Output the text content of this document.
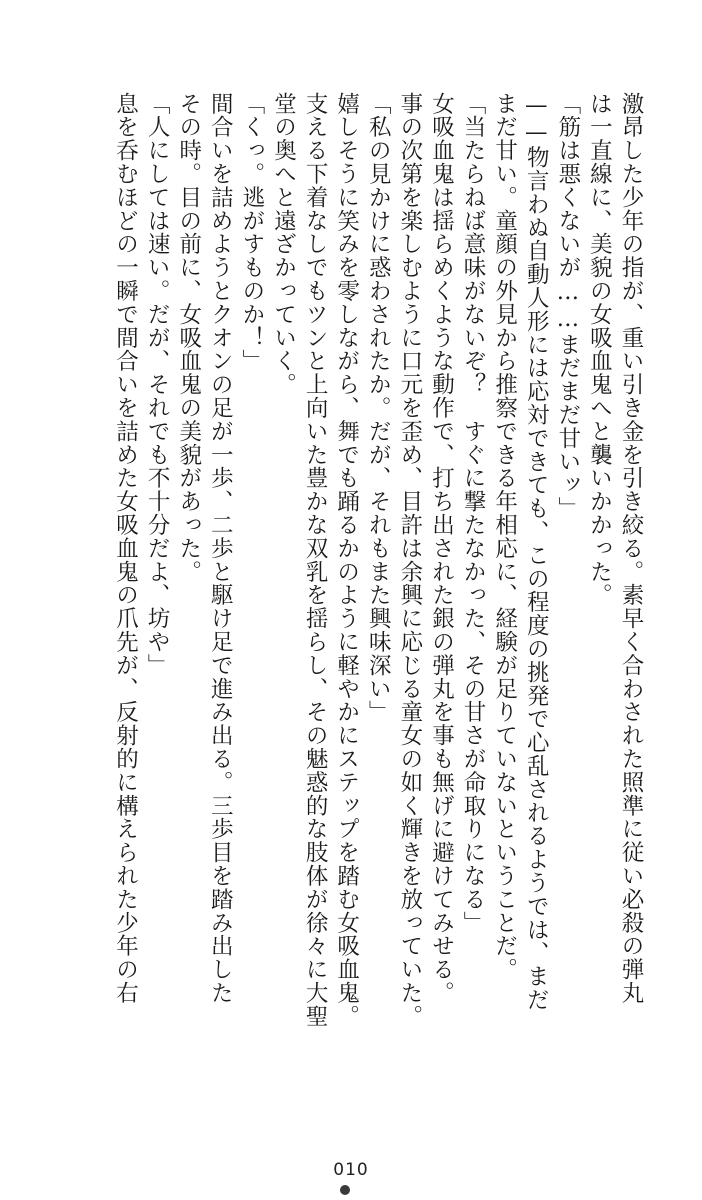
激昂した少年の指が、重い引き金を引き絞る。素早く合わされた照準に従い必殺の弾丸
は一直線に、美貌の女吸血鬼へと襲いかかった。
「筋は悪くないが……まだまだ甘いッ」
——物言わぬ自動人形には応対できても、この程度の挑発で心乱されるようでは、まだ
まだ甘い。童顔の外見から推察できる年相応に、経験が足りていないということだ。
「当たらねば意味がないぞ？　すぐに撃たなかった、その甘さが命取りになる」
女吸血鬼は揺らめくような動作で、打ち出された銀の弾丸を事も無げに避けてみせる。
事の次第を楽しむように口元を歪め、目許は余興に応じる童女の如く輝きを放っていた。
「私の見かけに惑わされたか。だが、それもまた興味深い」
嬉しそうに笑みを零しながら、舞でも踊るかのように軽やかにステップを踏む女吸血鬼。
支える下着なしでもツンと上向いた豊かな双乳を揺らし、その魅惑的な肢体が徐々に大聖
堂の奥へと遠ざかっていく。
「くっ。逃がすものか！」
間合いを詰めようとクオンの足が一歩、二歩と駆け足で進み出る。三歩目を踏み出した
その時。目の前に、女吸血鬼の美貌があった。
「人にしては速い。だが、それでも不十分だよ、坊や」
息を呑むほどの一瞬で間合いを詰めた女吸血鬼の爪先が、反射的に構えられた少年の右
010
